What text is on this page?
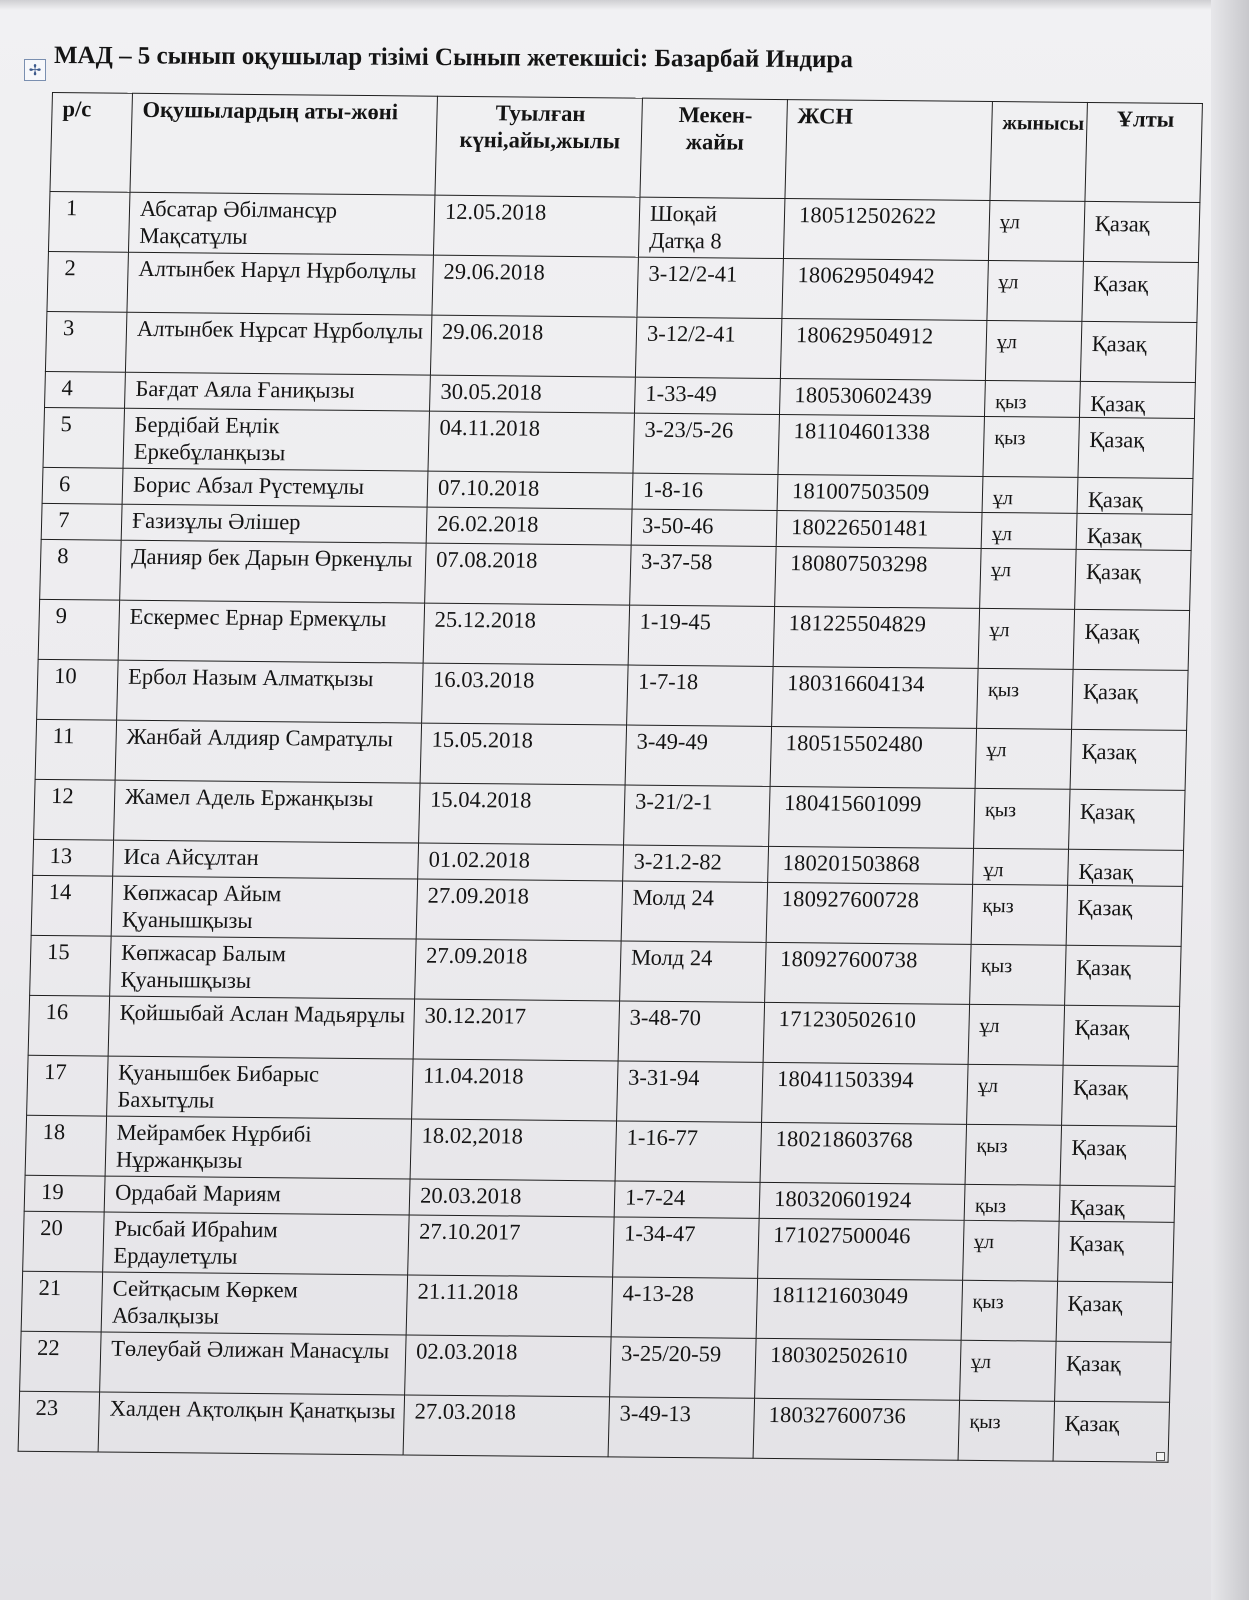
✢ МАД – 5 сынып оқушылар тізімі Сынып жетекшісі: Базарбай Индира
р/с	Оқушылардың аты-жөні	Туылған күні,айы,жылы	Мекен-жайы	ЖСН	жынысы	Ұлты
1	Абсатар Әбілмансұр Мақсатұлы	12.05.2018	Шоқай Датқа 8	180512502622	ұл	Қазақ
2	Алтынбек Нарұл Нұрболұлы	29.06.2018	3-12/2-41	180629504942	ұл	Қазақ
3	Алтынбек Нұрсат Нұрболұлы	29.06.2018	3-12/2-41	180629504912	ұл	Қазақ
4	Бағдат Аяла Ғаниқызы	30.05.2018	1-33-49	180530602439	қыз	Қазақ
5	Бердібай Еңлік Еркебұланқызы	04.11.2018	3-23/5-26	181104601338	қыз	Қазақ
6	Борис Абзал Рүстемұлы	07.10.2018	1-8-16	181007503509	ұл	Қазақ
7	Ғазизұлы Әлішер	26.02.2018	3-50-46	180226501481	ұл	Қазақ
8	Данияр бек Дарын Өркенұлы	07.08.2018	3-37-58	180807503298	ұл	Қазақ
9	Ескермес Ернар Ермекұлы	25.12.2018	1-19-45	181225504829	ұл	Қазақ
10	Ербол Назым Алматқызы	16.03.2018	1-7-18	180316604134	қыз	Қазақ
11	Жанбай Алдияр Самратұлы	15.05.2018	3-49-49	180515502480	ұл	Қазақ
12	Жамел Адель Ержанқызы	15.04.2018	3-21/2-1	180415601099	қыз	Қазақ
13	Иса Айсұлтан	01.02.2018	3-21.2-82	180201503868	ұл	Қазақ
14	Көпжасар Айым Қуанышқызы	27.09.2018	Молд 24	180927600728	қыз	Қазақ
15	Көпжасар Балым Қуанышқызы	27.09.2018	Молд 24	180927600738	қыз	Қазақ
16	Қойшыбай Аслан Мадьярұлы	30.12.2017	3-48-70	171230502610	ұл	Қазақ
17	Қуанышбек Бибарыс Бахытұлы	11.04.2018	3-31-94	180411503394	ұл	Қазақ
18	Мейрамбек Нұрбибі Нұржанқызы	18.02,2018	1-16-77	180218603768	қыз	Қазақ
19	Ордабай Мариям	20.03.2018	1-7-24	180320601924	қыз	Қазақ
20	Рысбай Ибраһим Ердаулетұлы	27.10.2017	1-34-47	171027500046	ұл	Қазақ
21	Сейтқасым Көркем Абзалқызы	21.11.2018	4-13-28	181121603049	қыз	Қазақ
22	Төлеубай Әлижан Манасұлы	02.03.2018	3-25/20-59	180302502610	ұл	Қазақ
23	Халден Ақтолқын Қанатқызы	27.03.2018	3-49-13	180327600736	қыз	Қазақ
